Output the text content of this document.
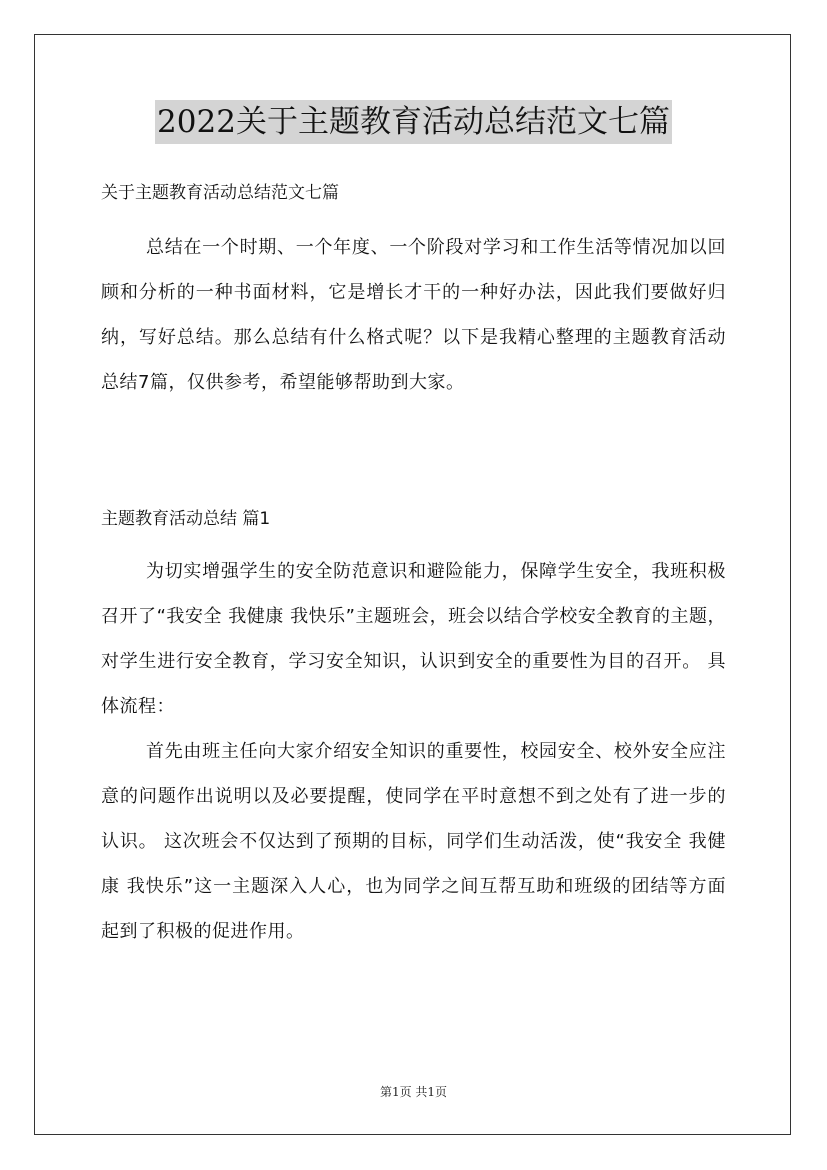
2022关于主题教育活动总结范文七篇
关于主题教育活动总结范文七篇

总结在一个时期、一个年度、一个阶段对学习和工作生活等情况加以回顾和分析的一种书面材料，它是增长才干的一种好办法，因此我们要做好归纳，写好总结。那么总结有什么格式呢？以下是我精心整理的主题教育活动总结7篇，仅供参考，希望能够帮助到大家。

主题教育活动总结 篇1

为切实增强学生的安全防范意识和避险能力，保障学生安全，我班积极召开了“我安全 我健康 我快乐”主题班会，班会以结合学校安全教育的主题，对学生进行安全教育，学习安全知识，认识到安全的重要性为目的召开。 具体流程：

首先由班主任向大家介绍安全知识的重要性，校园安全、校外安全应注意的问题作出说明以及必要提醒，使同学在平时意想不到之处有了进一步的认识。 这次班会不仅达到了预期的目标，同学们生动活泼，使“我安全 我健康 我快乐”这一主题深入人心，也为同学之间互帮互助和班级的团结等方面起到了积极的促进作用。

第1页 共1页
